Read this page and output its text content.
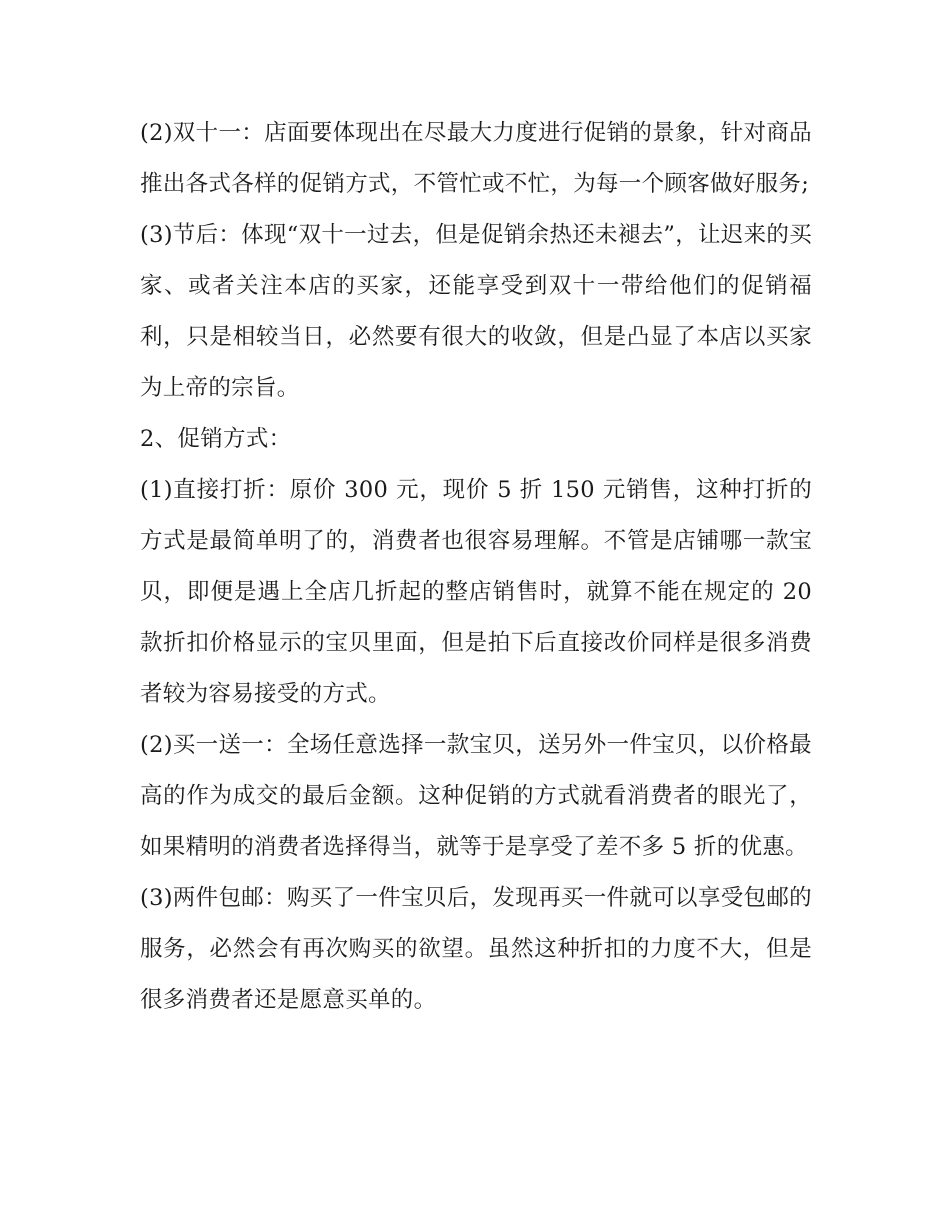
(2)双十一：店面要体现出在尽最大力度进行促销的景象，针对商品推出各式各样的促销方式，不管忙或不忙，为每一个顾客做好服务;

(3)节后：体现“双十一过去，但是促销余热还未褪去”，让迟来的买家、或者关注本店的买家，还能享受到双十一带给他们的促销福利，只是相较当日，必然要有很大的收敛，但是凸显了本店以买家为上帝的宗旨。

2、促销方式：

(1)直接打折：原价 300 元，现价 5 折 150 元销售，这种打折的方式是最简单明了的，消费者也很容易理解。不管是店铺哪一款宝贝，即便是遇上全店几折起的整店销售时，就算不能在规定的 20 款折扣价格显示的宝贝里面，但是拍下后直接改价同样是很多消费者较为容易接受的方式。

(2)买一送一：全场任意选择一款宝贝，送另外一件宝贝，以价格最高的作为成交的最后金额。这种促销的方式就看消费者的眼光了，如果精明的消费者选择得当，就等于是享受了差不多 5 折的优惠。

(3)两件包邮：购买了一件宝贝后，发现再买一件就可以享受包邮的服务，必然会有再次购买的欲望。虽然这种折扣的力度不大，但是很多消费者还是愿意买单的。
